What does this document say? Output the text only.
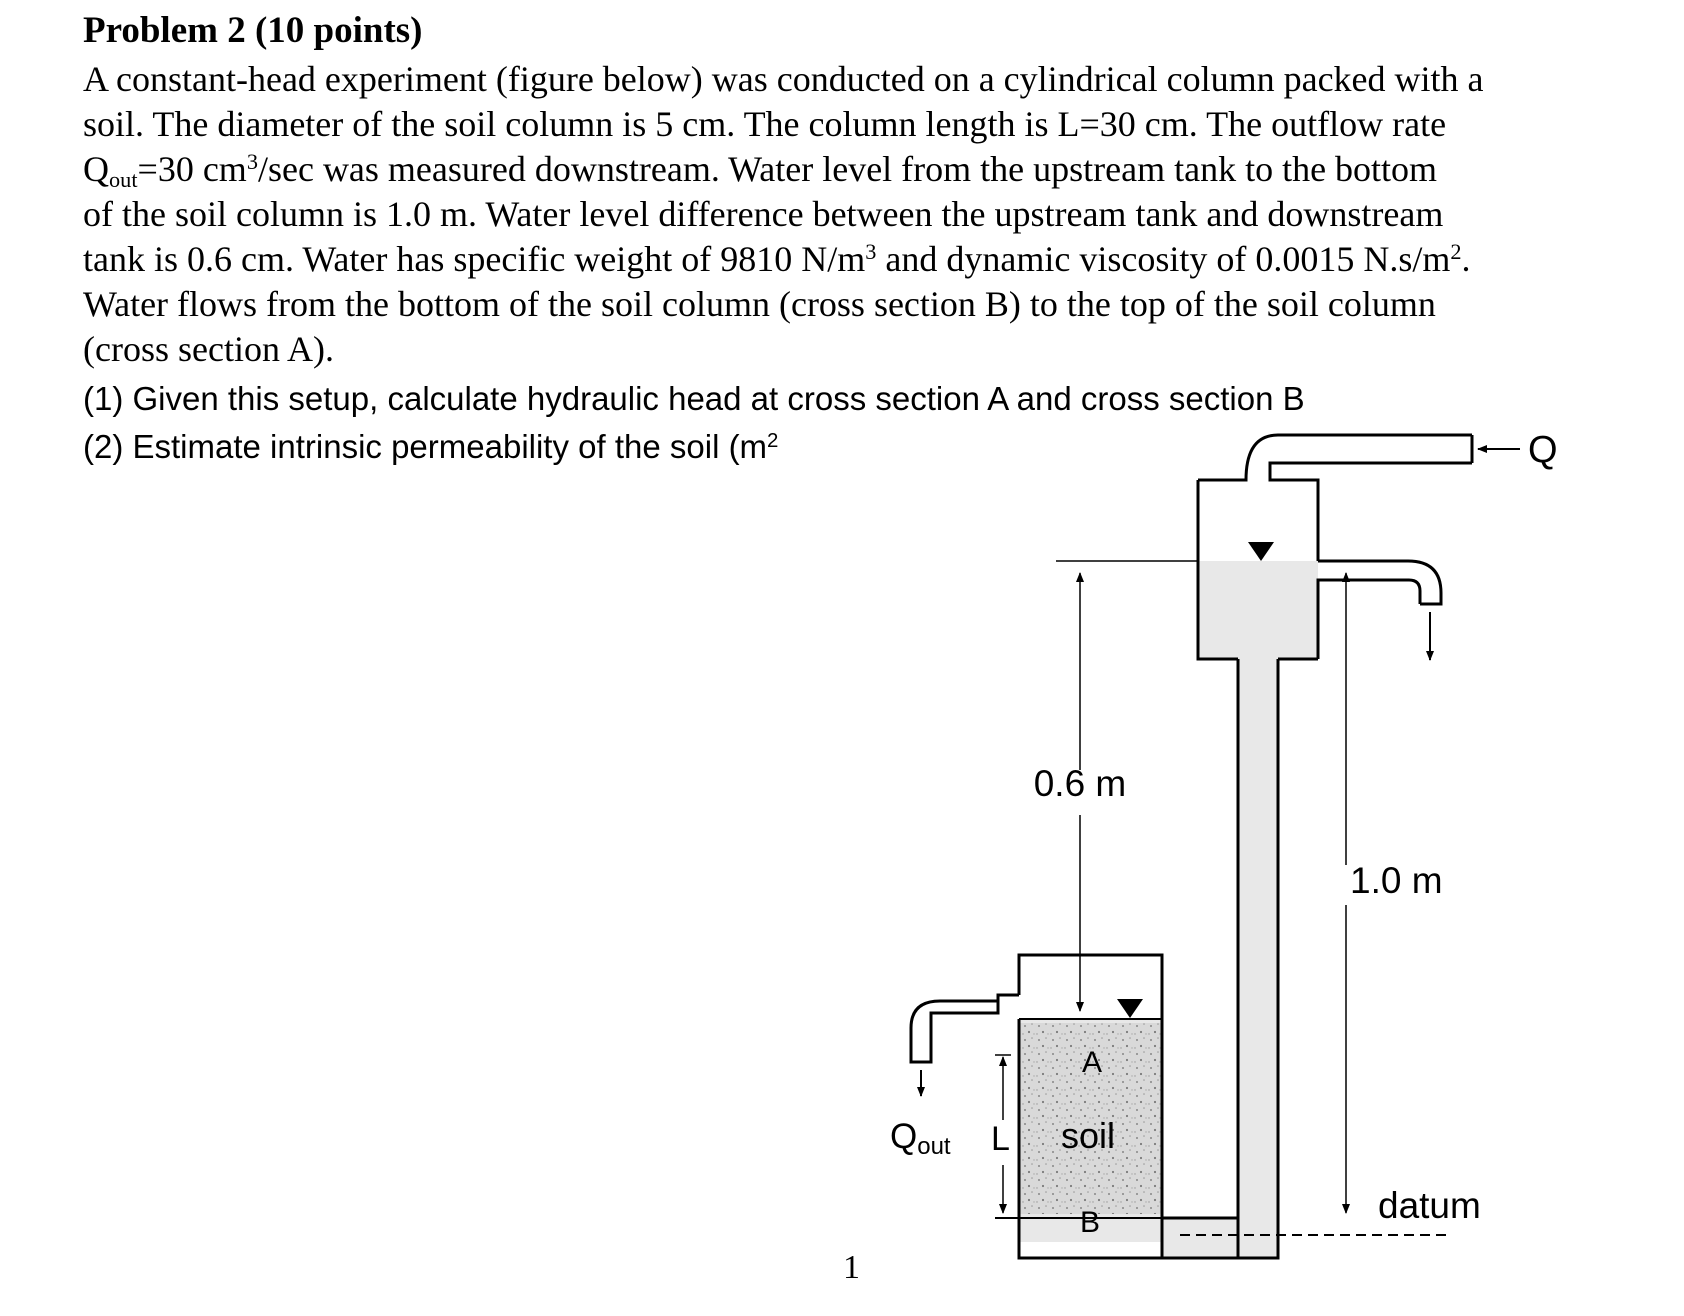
Problem 2 (10 points)

A constant-head experiment (figure below) was conducted on a cylindrical column packed with a

soil. The diameter of the soil column is 5 cm. The column length is L=30 cm. The outflow rate

$Q_{out}=30$ $cm^3/\sec$ was measured downstream. Water level from the upstream tank to the bottom

of the soil column is 1.0 m. Water level difference between the upstream tank and downstream

tank is 0.6 cm. Water has specific weight of 9810 $N/m^3$ and dynamic viscosity of 0.0015 $N.s/m^2$.

Water flows from the bottom of the soil column (cross section B) to the top of the soil column

(cross section A).

(1) Given this setup, calculate hydraulic head at cross section A and cross section B

(2) Estimate intrinsic permeability of the soil ($m^2$

0.6 m
1.0 m
datum
Q
Qout L
A
soil
B
1
